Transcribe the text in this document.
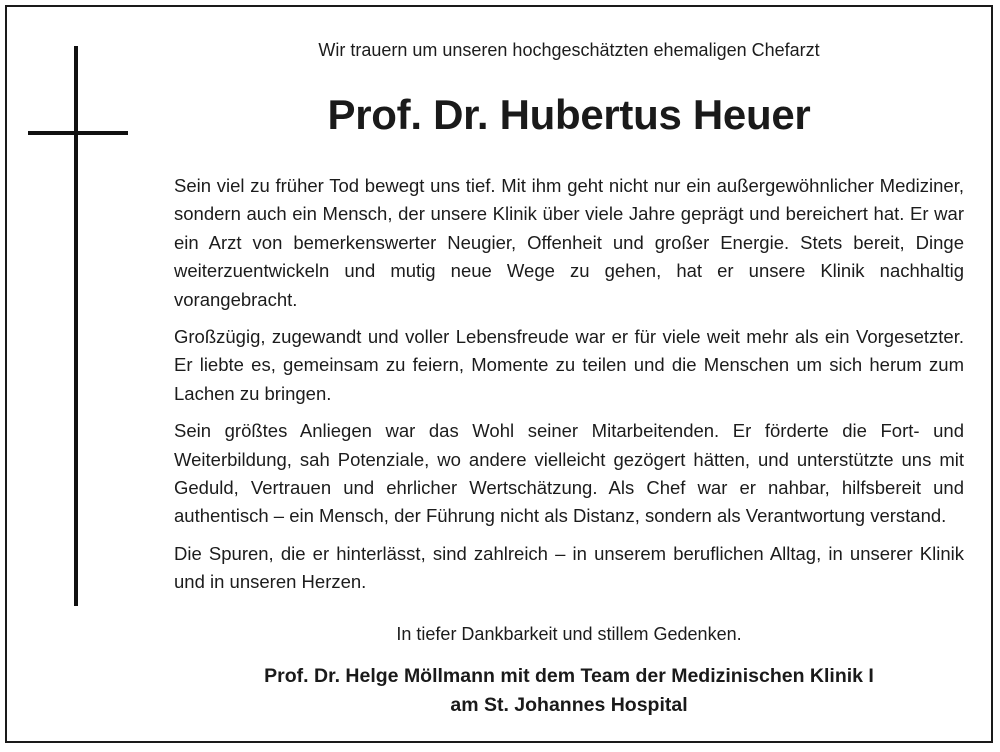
Wir trauern um unseren hochgeschätzten ehemaligen Chefarzt
Prof. Dr. Hubertus Heuer

Sein viel zu früher Tod bewegt uns tief. Mit ihm geht nicht nur ein außergewöhnlicher Mediziner, sondern auch ein Mensch, der unsere Klinik über viele Jahre geprägt und bereichert hat. Er war ein Arzt von bemerkenswerter Neugier, Offenheit und großer Energie. Stets bereit, Dinge weiterzuentwickeln und mutig neue Wege zu gehen, hat er unsere Klinik nachhaltig vorangebracht.

Großzügig, zugewandt und voller Lebensfreude war er für viele weit mehr als ein Vorgesetzter. Er liebte es, gemeinsam zu feiern, Momente zu teilen und die Menschen um sich herum zum Lachen zu bringen.

Sein größtes Anliegen war das Wohl seiner Mitarbeitenden. Er förderte die Fort- und Weiterbildung, sah Potenziale, wo andere vielleicht gezögert hätten, und unterstützte uns mit Geduld, Vertrauen und ehrlicher Wertschätzung. Als Chef war er nahbar, hilfsbereit und authentisch – ein Mensch, der Führung nicht als Distanz, sondern als Verantwortung verstand.

Die Spuren, die er hinterlässt, sind zahlreich – in unserem beruflichen Alltag, in unserer Klinik und in unseren Herzen.

In tiefer Dankbarkeit und stillem Gedenken.
Prof. Dr. Helge Möllmann mit dem Team der Medizinischen Klinik I
am St. Johannes Hospital
